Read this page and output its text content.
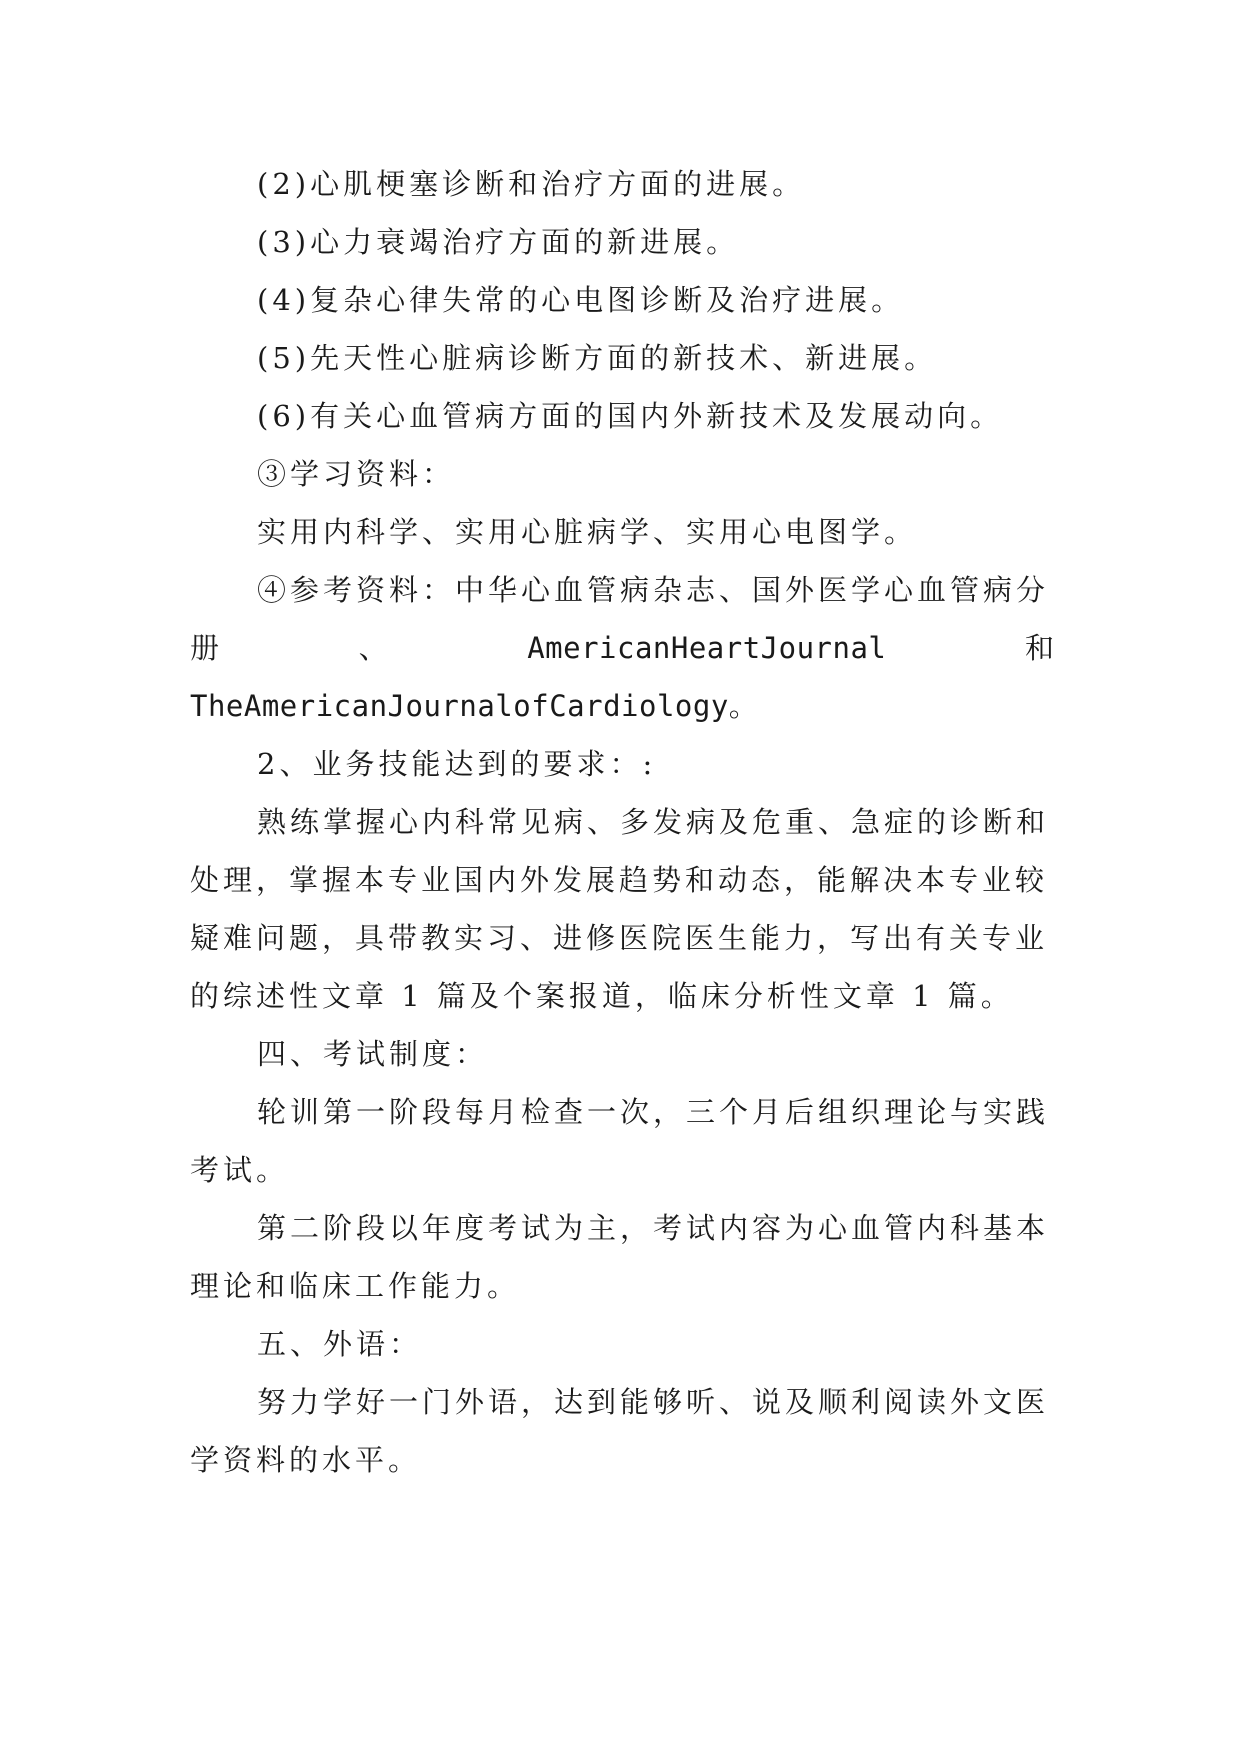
(2)心肌梗塞诊断和治疗方面的进展。
(3)心力衰竭治疗方面的新进展。
(4)复杂心律失常的心电图诊断及治疗进展。
(5)先天性心脏病诊断方面的新技术、新进展。
(6)有关心血管病方面的国内外新技术及发展动向。
③学习资料：
实用内科学、实用心脏病学、实用心电图学。
④参考资料：中华心血管病杂志、国外医学心血管病分
册	、	AmericanHeartJournal	和
TheAmericanJournalofCardiology。
2、业务技能达到的要求：:
熟练掌握心内科常见病、多发病及危重、急症的诊断和
处理，掌握本专业国内外发展趋势和动态，能解决本专业较
疑难问题，具带教实习、进修医院医生能力，写出有关专业
的综述性文章 1 篇及个案报道，临床分析性文章 1 篇。
四、考试制度：
轮训第一阶段每月检查一次，三个月后组织理论与实践
考试。
第二阶段以年度考试为主，考试内容为心血管内科基本
理论和临床工作能力。
五、外语：
努力学好一门外语，达到能够听、说及顺利阅读外文医
学资料的水平。
